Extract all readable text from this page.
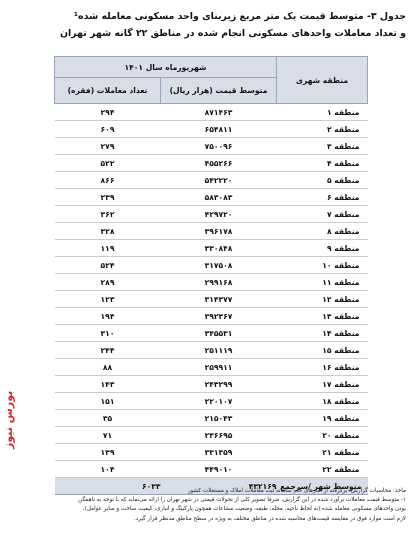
جدول ۳- متوسط قیمت یک متر مربع زیربنای واحد مسکونی معامله شده¹
و تعداد معاملات واحدهای مسکونی انجام شده در مناطق ۲۲ گانه شهر تهران
منطقه شهری	شهریورماه سال ۱۴۰۱	
	متوسط قیمت (هزار ریال)	تعداد معاملات (فقره)
منطقه ۱	۸۷۱۴۶۳	۲۹۴
منطقه ۲	۶۵۴۸۱۱	۶۰۹
منطقه ۳	۷۵۰۰۹۶	۲۷۹
منطقه ۴	۴۵۵۲۶۶	۵۲۲
منطقه ۵	۵۴۲۲۲۰	۸۶۶
منطقه ۶	۵۸۳۰۸۳	۲۳۹
منطقه ۷	۴۲۹۷۲۰	۳۶۲
منطقه ۸	۳۹۶۱۷۸	۳۲۸
منطقه ۹	۳۳۰۸۴۸	۱۱۹
منطقه ۱۰	۳۱۷۵۰۸	۵۲۴
منطقه ۱۱	۲۹۹۱۶۸	۲۸۹
منطقه ۱۲	۳۱۴۳۷۷	۱۲۳
منطقه ۱۳	۳۹۲۳۶۷	۱۹۴
منطقه ۱۴	۳۴۵۵۳۱	۳۱۰
منطقه ۱۵	۲۵۱۱۱۹	۲۴۴
منطقه ۱۶	۲۵۹۹۱۱	۸۸
منطقه ۱۷	۲۴۳۲۹۹	۱۴۳
منطقه ۱۸	۲۲۰۱۰۷	۱۵۱
منطقه ۱۹	۲۱۵۰۴۳	۳۵
منطقه ۲۰	۲۳۶۶۹۵	۷۱
منطقه ۲۱	۳۳۱۳۵۹	۱۳۹
منطقه ۲۲	۴۴۹۰۱۰	۱۰۴
متوسط شهر /سرجمع	۴۳۲۱۶۹	۶۰۳۳

ماخذ: محاسبات گزارش؛ برگرفته از آمارهای خام سامانه ثبت معاملات املاک و مستغلات کشور

۱- متوسط قیمت معاملات برآورد شده در این گزارش، صرفا تصویر کلی از تحولات قیمتی در شهر تهران را ارائه می‌نماید که با توجه به ناهمگن

بودن واحدهای مسکونی معامله شده (به لحاظ ناحیه، محله، طبقه، وضعیت مشاعات همچون پارکینگ و انباری، کیفیت ساخت و سایر عوامل)،

لازم است موارد فوق در مقایسه قیمت‌های محاسبه شده در مناطق مختلف به ویژه در سطح مناطق مدنظر قرار گیرد.

بورس نیوز
